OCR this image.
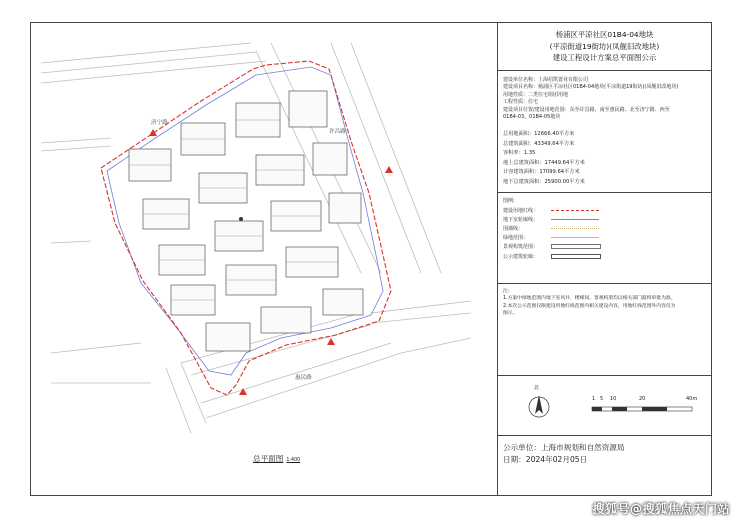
济宁路
许昌路
惠民路
总平面图 1:400
杨浦区平凉社区01B4-04地块
(平凉街道19街坊)(凤舰旧改地块)
建设工程设计方案总平面图公示
建设单位名称：上海招凯置业有限公司
建设项目名称：杨浦区平凉社区01B4-04地块(平凉街道19街坊)(凤舰旧改地块)
用地性质：二类住宅组团用地
工程性质：住宅
建设项目位置/建设用地范围：东至许昌路、南至惠民路、北至济宁路、西至
01B4-03、01B4-05地块
总用地面积：12666.40平方米
总建筑面积：43349.64平方米
容积率：1.35
地上总建筑面积：17449.64平方米
计容建筑面积：17099.64平方米
地下总建筑面积：25900.00平方米
图例:
建设用地红线：
地下室轮廓线：
围墙线：
绿地范围：
景观构筑范围：
公示建筑轮廓：
注：
1.方案中绿地范围内地下室风井、楼梯间、景观构架均以相关部门最终审批为准。
2.本次公示范围仅限建设用地红线范围内相关建设内容，用地红线范围外内容仅为
图示。
北
1 5 10	20	40m
公示单位：上海市规划和自然资源局
日期：2024年02月05日
搜狐号@搜狐焦点天门站
